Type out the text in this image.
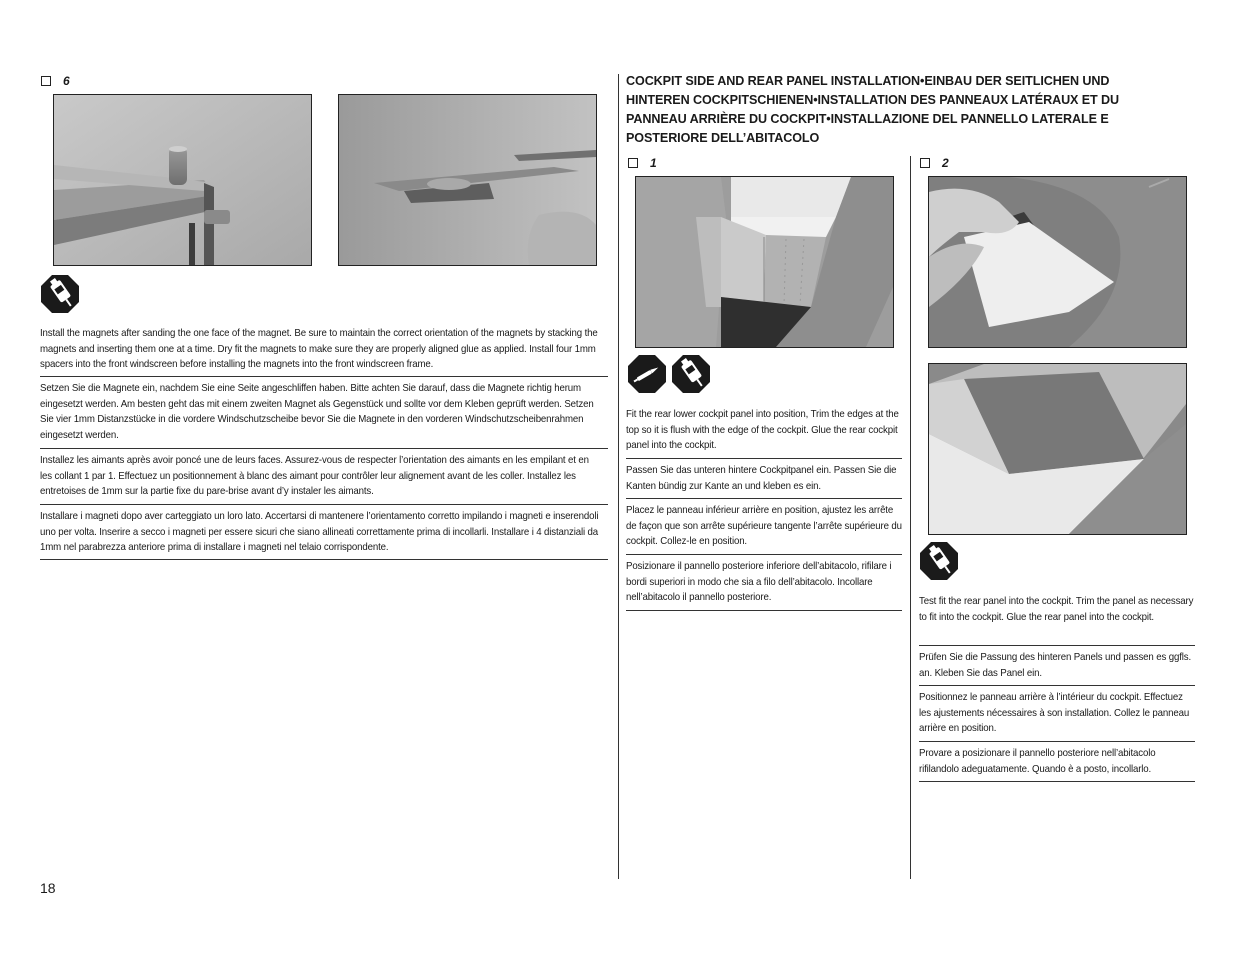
6
Install the magnets after sanding the one face of the magnet. Be sure to maintain the correct orientation of the magnets by stacking the magnets and inserting them one at a time. Dry fit the magnets to make sure they are properly aligned glue as applied. Install four 1mm spacers into the front windscreen before installing the magnets into the front windscreen frame.
Setzen Sie die Magnete ein, nachdem Sie eine Seite angeschliffen haben. Bitte achten Sie darauf, dass die Magnete richtig herum eingesetzt werden. Am besten geht das mit einem zweiten Magnet als Gegenstück und sollte vor dem Kleben geprüft werden. Setzen Sie vier 1mm Distanzstücke in die vordere Windschutzscheibe bevor Sie die Magnete in den vorderen Windschutzscheibenrahmen eingesetzt werden.
Installez les aimants après avoir poncé une de leurs faces. Assurez-vous de respecter l’orientation des aimants en les empilant et en les collant 1 par 1. Effectuez un positionnement à blanc des aimant pour contrôler leur alignement avant de les coller. Installez les entretoises de 1mm sur la partie fixe du pare-brise avant d’y instaler les aimants.
Installare i magneti dopo aver carteggiato un loro lato. Accertarsi di mantenere l’orientamento corretto impilando i magneti e inserendoli uno per volta. Inserire a secco i magneti per essere sicuri che siano allineati correttamente prima di incollarli. Installare i 4 distanziali da 1mm nel parabrezza anteriore prima di installare i magneti nel telaio corrispondente.
18
COCKPIT SIDE AND REAR PANEL INSTALLATION•EINBAU DER SEITLICHEN UND HINTEREN COCKPITSCHIENEN•INSTALLATION DES PANNEAUX LATÉRAUX ET DU PANNEAU ARRIÈRE DU COCKPIT•INSTALLAZIONE DEL PANNELLO LATERALE E POSTERIORE DELL’ABITACOLO
1	2
Fit the rear lower cockpit panel into position, Trim the edges at the top so it is flush with the edge of the cockpit. Glue the rear cockpit panel into the cockpit.
Passen Sie das unteren hintere Cockpitpanel ein. Passen Sie die Kanten bündig zur Kante an und kleben es ein.
Placez le panneau inférieur arrière en position, ajustez les arrête de façon que son arrête supérieure tangente l’arrête supérieure du cockpit. Collez-le en position.
Posizionare il pannello posteriore inferiore dell’abitacolo, rifilare i bordi superiori in modo che sia a filo dell’abitacolo. Incollare nell’abitacolo il pannello posteriore.	Test fit the rear panel into the cockpit. Trim the panel as necessary to fit into the cockpit. Glue the rear panel into the cockpit.
Prüfen Sie die Passung des hinteren Panels und passen es ggfls. an. Kleben Sie das Panel ein.
Positionnez le panneau arrière à l’intérieur du cockpit. Effectuez les ajustements nécessaires à son installation. Collez le panneau arrière en position.
Provare a posizionare il pannello posteriore nell’abitacolo rifilandolo adeguatamente. Quando è a posto, incollarlo.
